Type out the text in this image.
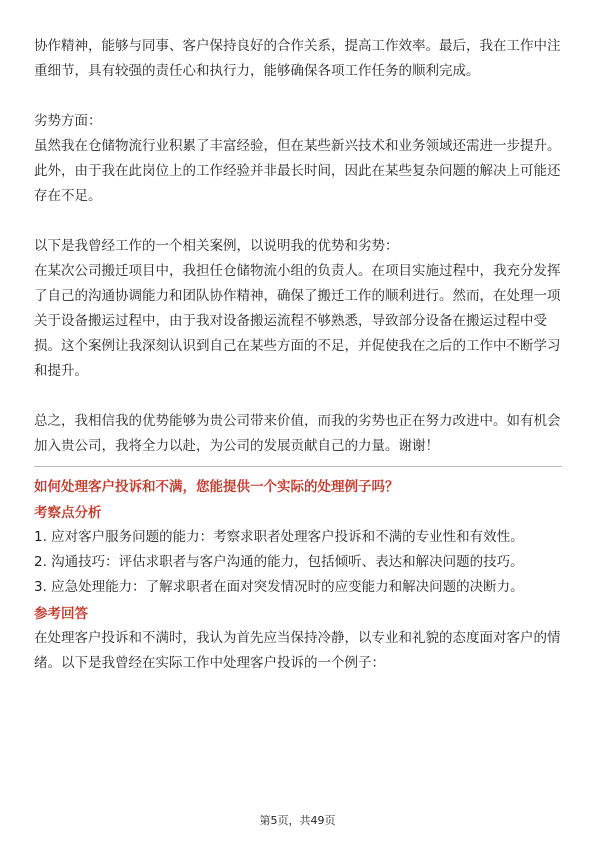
协作精神，能够与同事、客户保持良好的合作关系，提高工作效率。最后，我在工作中注重细节，具有较强的责任心和执行力，能够确保各项工作任务的顺利完成。

劣势方面：

虽然我在仓储物流行业积累了丰富经验，但在某些新兴技术和业务领域还需进一步提升。此外，由于我在此岗位上的工作经验并非最长时间，因此在某些复杂问题的解决上可能还存在不足。

以下是我曾经工作的一个相关案例，以说明我的优势和劣势：

在某次公司搬迁项目中，我担任仓储物流小组的负责人。在项目实施过程中，我充分发挥了自己的沟通协调能力和团队协作精神，确保了搬迁工作的顺利进行。然而，在处理一项关于设备搬运过程中，由于我对设备搬运流程不够熟悉，导致部分设备在搬运过程中受损。这个案例让我深刻认识到自己在某些方面的不足，并促使我在之后的工作中不断学习和提升。

总之，我相信我的优势能够为贵公司带来价值，而我的劣势也正在努力改进中。如有机会加入贵公司，我将全力以赴，为公司的发展贡献自己的力量。谢谢！

如何处理客户投诉和不满，您能提供一个实际的处理例子吗？

考察点分析

1. 应对客户服务问题的能力：考察求职者处理客户投诉和不满的专业性和有效性。

2. 沟通技巧：评估求职者与客户沟通的能力，包括倾听、表达和解决问题的技巧。

3. 应急处理能力：了解求职者在面对突发情况时的应变能力和解决问题的决断力。

参考回答

在处理客户投诉和不满时，我认为首先应当保持冷静，以专业和礼貌的态度面对客户的情绪。以下是我曾经在实际工作中处理客户投诉的一个例子：

第5页，共49页
